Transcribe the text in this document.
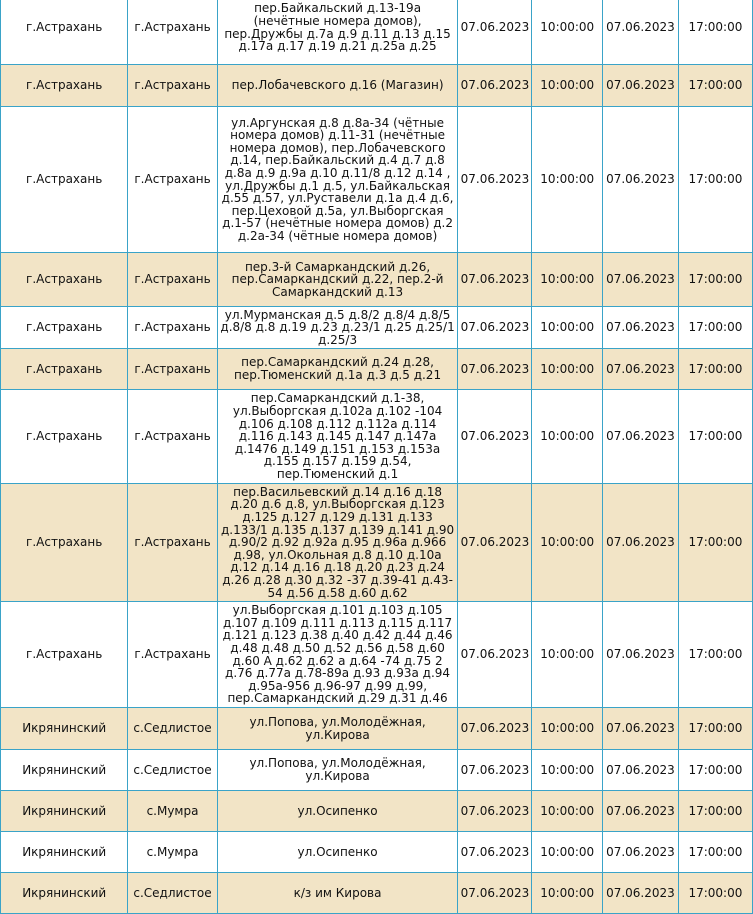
г.Астрахань	г.Астрахань	пер.Байкальский д.13-19а (нечётные номера домов), пер.Дружбы д.7а д.9 д.11 д.13 д.15 д.17а д.17 д.19 д.21 д.25а д.25	07.06.2023	10:00:00	07.06.2023	17:00:00
г.Астрахань	г.Астрахань	пер.Лобачевского д.16 (Магазин)	07.06.2023	10:00:00	07.06.2023	17:00:00
г.Астрахань	г.Астрахань	ул.Аргунская д.8 д.8а-34 (чётные номера домов) д.11-31 (нечётные номера домов), пер.Лобачевского д.14, пер.Байкальский д.4 д.7 д.8 д.8а д.9 д.9а д.10 д.11/8 д.12 д.14 , ул.Дружбы д.1 д.5, ул.Байкальская д.55 д.57, ул.Руставели д.1а д.4 д.6, пер.Цеховой д.5а, ул.Выборгская д.1-57 (нечётные номера домов) д.2 д.2а-34 (чётные номера домов)	07.06.2023	10:00:00	07.06.2023	17:00:00
г.Астрахань	г.Астрахань	пер.3-й Самаркандский д.26, пер.Самаркандский д.22, пер.2-й Самаркандский д.13	07.06.2023	10:00:00	07.06.2023	17:00:00
г.Астрахань	г.Астрахань	ул.Мурманская д.5 д.8/2 д.8/4 д.8/5 д.8/8 д.8 д.19 д.23 д.23/1 д.25 д.25/1 д.25/3	07.06.2023	10:00:00	07.06.2023	17:00:00
г.Астрахань	г.Астрахань	пер.Самаркандский д.24 д.28, пер.Тюменский д.1а д.3 д.5 д.21	07.06.2023	10:00:00	07.06.2023	17:00:00
г.Астрахань	г.Астрахань	пер.Самаркандский д.1-38, ул.Выборгская д.102а д.102 -104 д.106 д.108 д.112 д.112а д.114 д.116 д.143 д.145 д.147 д.147а д.1476 д.149 д.151 д.153 д.153а д.155 д.157 д.159 д.54, пер.Тюменский д.1	07.06.2023	10:00:00	07.06.2023	17:00:00
г.Астрахань	г.Астрахань	пер.Васильевский д.14 д.16 д.18 д.20 д.6 д.8, ул.Выборгская д.123 д.125 д.127 д.129 д.131 д.133 д.133/1 д.135 д.137 д.139 д.141 д.90 д.90/2 д.92 д.92а д.95 д.96а д.966 д.98, ул.Окольная д.8 д.10 д.10а д.12 д.14 д.16 д.18 д.20 д.23 д.24 д.26 д.28 д.30 д.32 -37 д.39-41 д.43-54 д.56 д.58 д.60 д.62	07.06.2023	10:00:00	07.06.2023	17:00:00
г.Астрахань	г.Астрахань	ул.Выборгская д.101 д.103 д.105 д.107 д.109 д.111 д.113 д.115 д.117 д.121 д.123 д.38 д.40 д.42 д.44 д.46 д.48 д.48 д.50 д.52 д.56 д.58 д.60 д.60 А д.62 д.62 а д.64 -74 д.75 2 д.76 д.77а д.78-89а д.93 д.93а д.94 д.95а-956 д.96-97 д.99 д.99, пер.Самаркандский д.29 д.31 д.46	07.06.2023	10:00:00	07.06.2023	17:00:00
Икрянинский	с.Седлистое	ул.Попова, ул.Молодёжная, ул.Кирова	07.06.2023	10:00:00	07.06.2023	17:00:00
Икрянинский	с.Седлистое	ул.Попова, ул.Молодёжная, ул.Кирова	07.06.2023	10:00:00	07.06.2023	17:00:00
Икрянинский	с.Мумра	ул.Осипенко	07.06.2023	10:00:00	07.06.2023	17:00:00
Икрянинский	с.Мумра	ул.Осипенко	07.06.2023	10:00:00	07.06.2023	17:00:00
Икрянинский	с.Седлистое	к/з им Кирова	07.06.2023	10:00:00	07.06.2023	17:00:00
